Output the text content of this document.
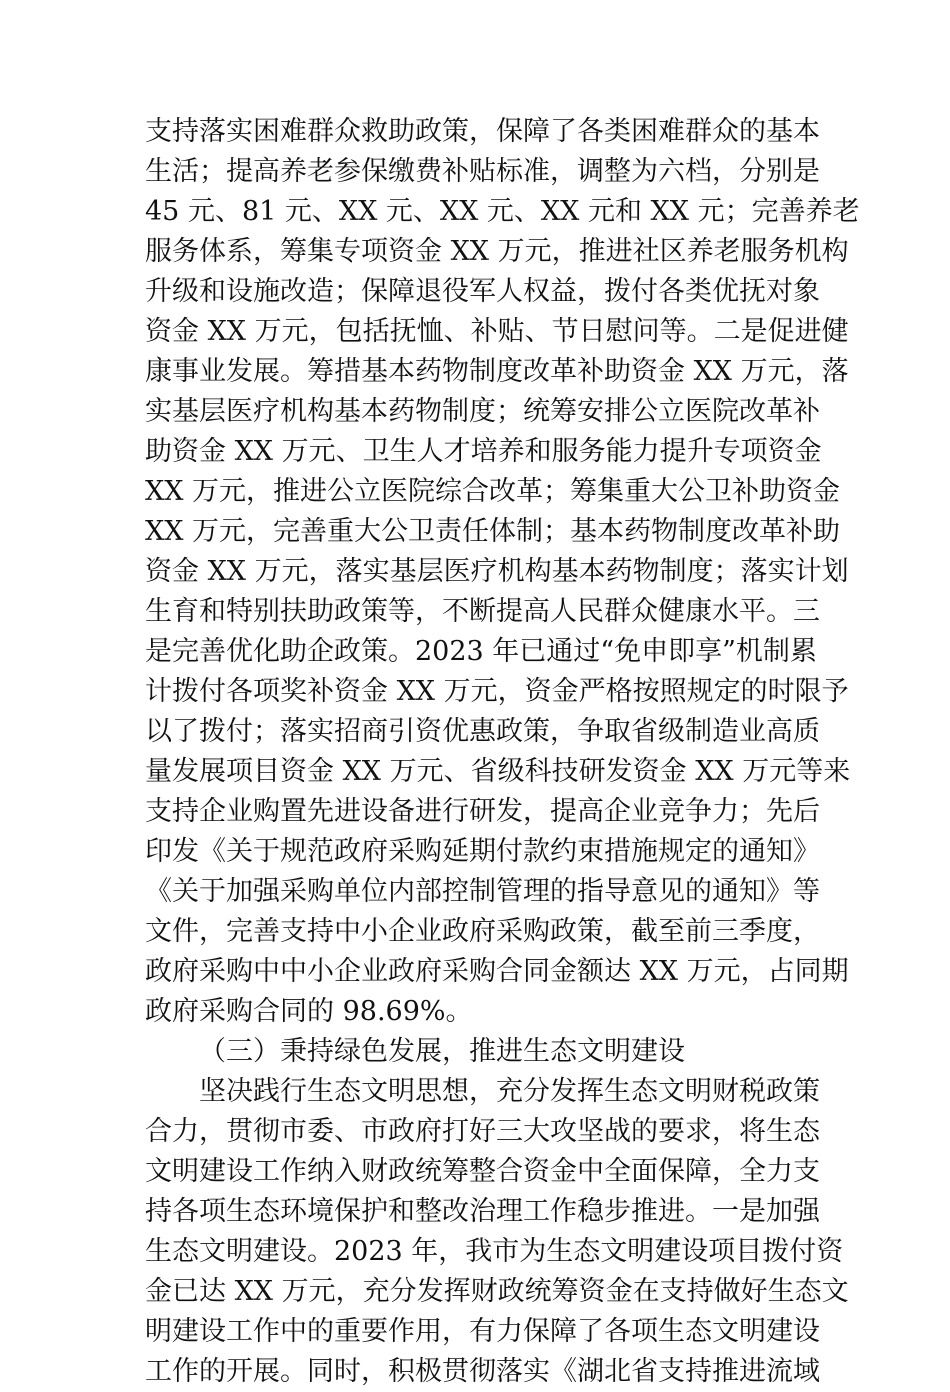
支持落实困难群众救助政策，保障了各类困难群众的基本
生活；提高养老参保缴费补贴标准，调整为六档，分别是
45 元、81 元、XX 元、XX 元、XX 元和 XX 元；完善养老
服务体系，筹集专项资金 XX 万元，推进社区养老服务机构
升级和设施改造；保障退役军人权益，拨付各类优抚对象
资金 XX 万元，包括抚恤、补贴、节日慰问等。二是促进健
康事业发展。筹措基本药物制度改革补助资金 XX 万元，落
实基层医疗机构基本药物制度；统筹安排公立医院改革补
助资金 XX 万元、卫生人才培养和服务能力提升专项资金
XX 万元，推进公立医院综合改革；筹集重大公卫补助资金
XX 万元，完善重大公卫责任体制；基本药物制度改革补助
资金 XX 万元，落实基层医疗机构基本药物制度；落实计划
生育和特别扶助政策等，不断提高人民群众健康水平。三
是完善优化助企政策。2023 年已通过“免申即享”机制累
计拨付各项奖补资金 XX 万元，资金严格按照规定的时限予
以了拨付；落实招商引资优惠政策，争取省级制造业高质
量发展项目资金 XX 万元、省级科技研发资金 XX 万元等来
支持企业购置先进设备进行研发，提高企业竞争力；先后
印发《关于规范政府采购延期付款约束措施规定的通知》
《关于加强采购单位内部控制管理的指导意见的通知》等
文件，完善支持中小企业政府采购政策，截至前三季度，
政府采购中中小企业政府采购合同金额达 XX 万元，占同期
政府采购合同的 98.69%。
（三）秉持绿色发展，推进生态文明建设
坚决践行生态文明思想，充分发挥生态文明财税政策
合力，贯彻市委、市政府打好三大攻坚战的要求，将生态
文明建设工作纳入财政统筹整合资金中全面保障，全力支
持各项生态环境保护和整改治理工作稳步推进。一是加强
生态文明建设。2023 年，我市为生态文明建设项目拨付资
金已达 XX 万元，充分发挥财政统筹资金在支持做好生态文
明建设工作中的重要作用，有力保障了各项生态文明建设
工作的开展。同时，积极贯彻落实《湖北省支持推进流域
